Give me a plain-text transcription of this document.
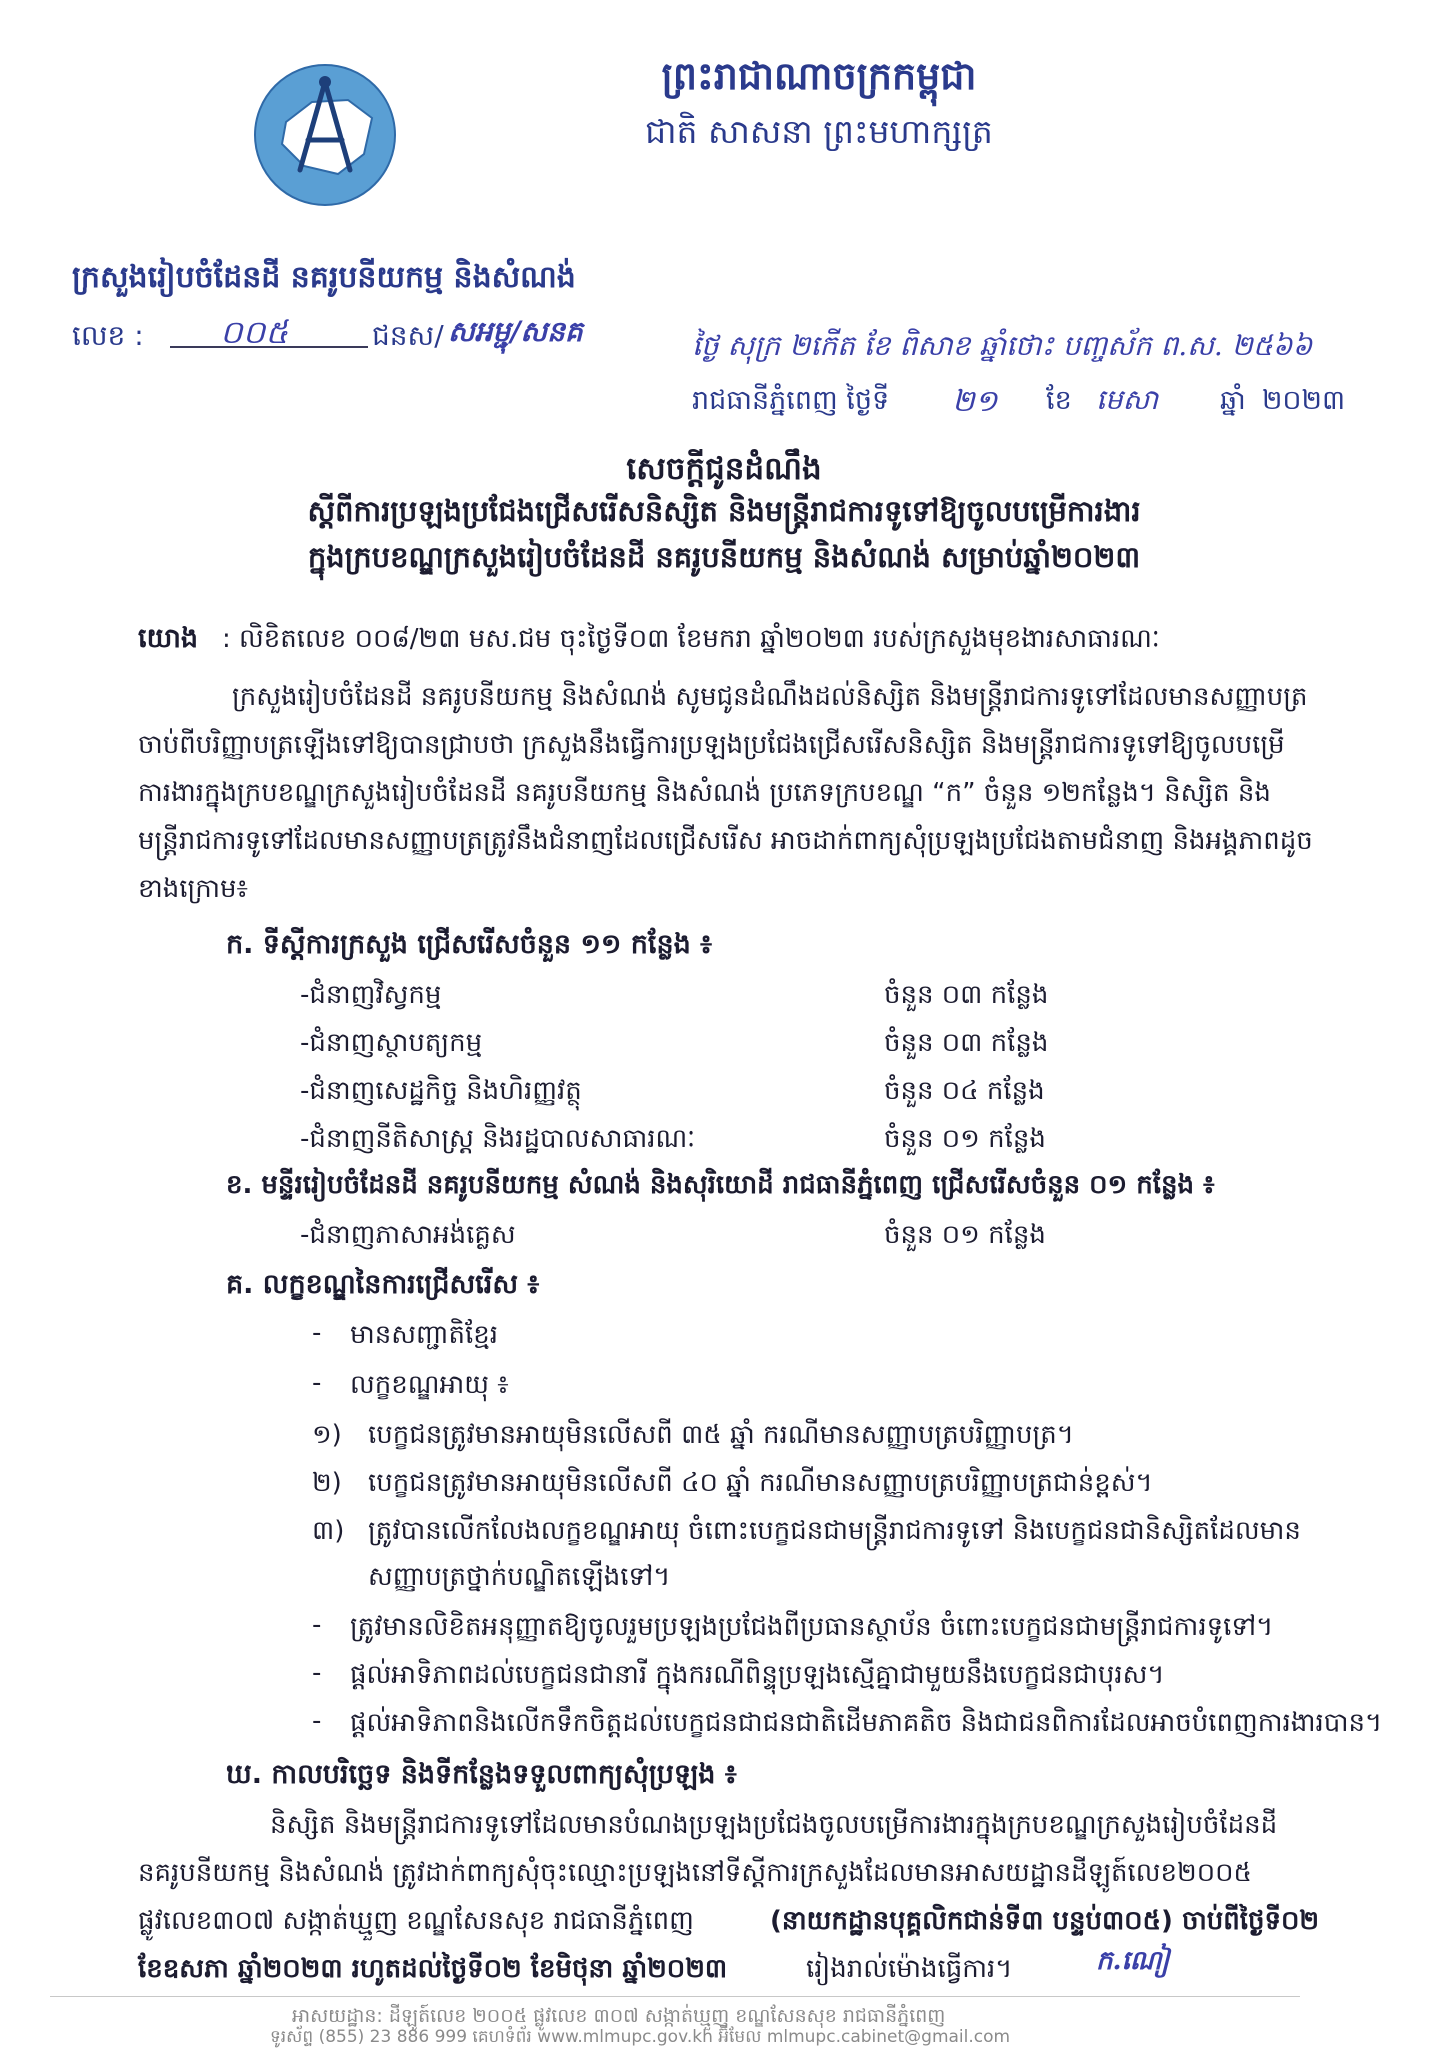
ព្រះរាជាណាចក្រកម្ពុជា
ជាតិ សាសនា ព្រះមហាក្សត្រ
ក្រសួងរៀបចំដែនដី នគរូបនីយកម្ម និងសំណង់
លេខ : ០០៥	ជនស/ សអម្ជុ/សនគ	ថ្ងៃ សុក្រ ២កើត ខែ ពិសាខ ឆ្នាំថោះ បញ្ចស័ក ព.ស. ២៥៦៦
រាជធានីភ្នំពេញ ថ្ងៃទី ២១ ខែ មេសា ឆ្នាំ ២០២៣
សេចក្តីជូនដំណឹង
ស្តីពីការប្រឡងប្រជែងជ្រើសរើសនិស្សិត និងមន្ត្រីរាជការទូទៅឱ្យចូលបម្រើការងារ
ក្នុងក្របខណ្ឌក្រសួងរៀបចំដែនដី នគរូបនីយកម្ម និងសំណង់ សម្រាប់ឆ្នាំ២០២៣
យោង : លិខិតលេខ ០០៨/២៣ មស.ជម ចុះថ្ងៃទី០៣ ខែមករា ឆ្នាំ២០២៣ របស់ក្រសួងមុខងារសាធារណៈ
ក្រសួងរៀបចំដែនដី នគរូបនីយកម្ម និងសំណង់ សូមជូនដំណឹងដល់និស្សិត និងមន្ត្រីរាជការទូទៅដែលមានសញ្ញាបត្រ
ចាប់ពីបរិញ្ញាបត្រឡើងទៅឱ្យបានជ្រាបថា ក្រសួងនឹងធ្វើការប្រឡងប្រជែងជ្រើសរើសនិស្សិត និងមន្ត្រីរាជការទូទៅឱ្យចូលបម្រើ
ការងារក្នុងក្របខណ្ឌក្រសួងរៀបចំដែនដី នគរូបនីយកម្ម និងសំណង់ ប្រភេទក្របខណ្ឌ “ក” ចំនួន ១២កន្លែង។ និស្សិត និង
មន្ត្រីរាជការទូទៅដែលមានសញ្ញាបត្រត្រូវនឹងជំនាញដែលជ្រើសរើស អាចដាក់ពាក្យសុំប្រឡងប្រជែងតាមជំនាញ និងអង្គភាពដូច
ខាងក្រោម៖
ក. ទីស្តីការក្រសួង ជ្រើសរើសចំនួន ១១ កន្លែង ៖
-ជំនាញវិស្វកម្ម	ចំនួន ០៣ កន្លែង
-ជំនាញស្ថាបត្យកម្ម	ចំនួន ០៣ កន្លែង
-ជំនាញសេដ្ឋកិច្ច និងហិរញ្ញវត្ថុ	ចំនួន ០៤ កន្លែង
-ជំនាញនីតិសាស្ត្រ និងរដ្ឋបាលសាធារណៈ	ចំនួន ០១ កន្លែង
ខ. មន្ទីររៀបចំដែនដី នគរូបនីយកម្ម សំណង់ និងសុរិយោដី រាជធានីភ្នំពេញ ជ្រើសរើសចំនួន ០១ កន្លែង ៖
-ជំនាញភាសាអង់គ្លេស	ចំនួន ០១ កន្លែង
គ. លក្ខខណ្ឌនៃការជ្រើសរើស ៖
- មានសញ្ជាតិខ្មែរ
- លក្ខខណ្ឌអាយុ ៖
១) បេក្ខជនត្រូវមានអាយុមិនលើសពី ៣៥ ឆ្នាំ ករណីមានសញ្ញាបត្របរិញ្ញាបត្រ។
២) បេក្ខជនត្រូវមានអាយុមិនលើសពី ៤០ ឆ្នាំ ករណីមានសញ្ញាបត្របរិញ្ញាបត្រជាន់ខ្ពស់។
៣) ត្រូវបានលើកលែងលក្ខខណ្ឌអាយុ ចំពោះបេក្ខជនជាមន្ត្រីរាជការទូទៅ និងបេក្ខជនជានិស្សិតដែលមាន
សញ្ញាបត្រថ្នាក់បណ្ឌិតឡើងទៅ។
- ត្រូវមានលិខិតអនុញ្ញាតឱ្យចូលរួមប្រឡងប្រជែងពីប្រធានស្ថាប័ន ចំពោះបេក្ខជនជាមន្ត្រីរាជការទូទៅ។
- ផ្តល់អាទិភាពដល់បេក្ខជនជានារី ក្នុងករណីពិន្ទុប្រឡងស្មើគ្នាជាមួយនឹងបេក្ខជនជាបុរស។
- ផ្តល់អាទិភាពនិងលើកទឹកចិត្តដល់បេក្ខជនជាជនជាតិដើមភាគតិច និងជាជនពិការដែលអាចបំពេញការងារបាន។
ឃ. កាលបរិច្ឆេទ និងទីកន្លែងទទួលពាក្យសុំប្រឡង ៖
និស្សិត និងមន្ត្រីរាជការទូទៅដែលមានបំណងប្រឡងប្រជែងចូលបម្រើការងារក្នុងក្របខណ្ឌក្រសួងរៀបចំដែនដី
នគរូបនីយកម្ម និងសំណង់ ត្រូវដាក់ពាក្យសុំចុះឈ្មោះប្រឡងនៅទីស្តីការក្រសួងដែលមានអាសយដ្ឋានដីឡូត៍លេខ២០០៥
ផ្លូវលេខ៣០៧ សង្កាត់ឃ្មួញ ខណ្ឌសែនសុខ រាជធានីភ្នំពេញ	(នាយកដ្ឋានបុគ្គលិកជាន់ទី៣ បន្ទប់៣០៥) ចាប់ពីថ្ងៃទី០២
ខែឧសភា ឆ្នាំ២០២៣ រហូតដល់ថ្ងៃទី០២ ខែមិថុនា ឆ្នាំ២០២៣	រៀងរាល់ម៉ោងធ្វើការ។	ក.ណៀ
អាសយដ្ឋាន: ដីឡូត៍លេខ ២០០៥ ផ្លូវលេខ ៣០៧ សង្កាត់ឃ្មួញ ខណ្ឌសែនសុខ រាជធានីភ្នំពេញ
ទូរស័ព្ទ (855) 23 886 999 គេហទំព័រ www.mlmupc.gov.kh អ៊ីមែល mlmupc.cabinet@gmail.com
